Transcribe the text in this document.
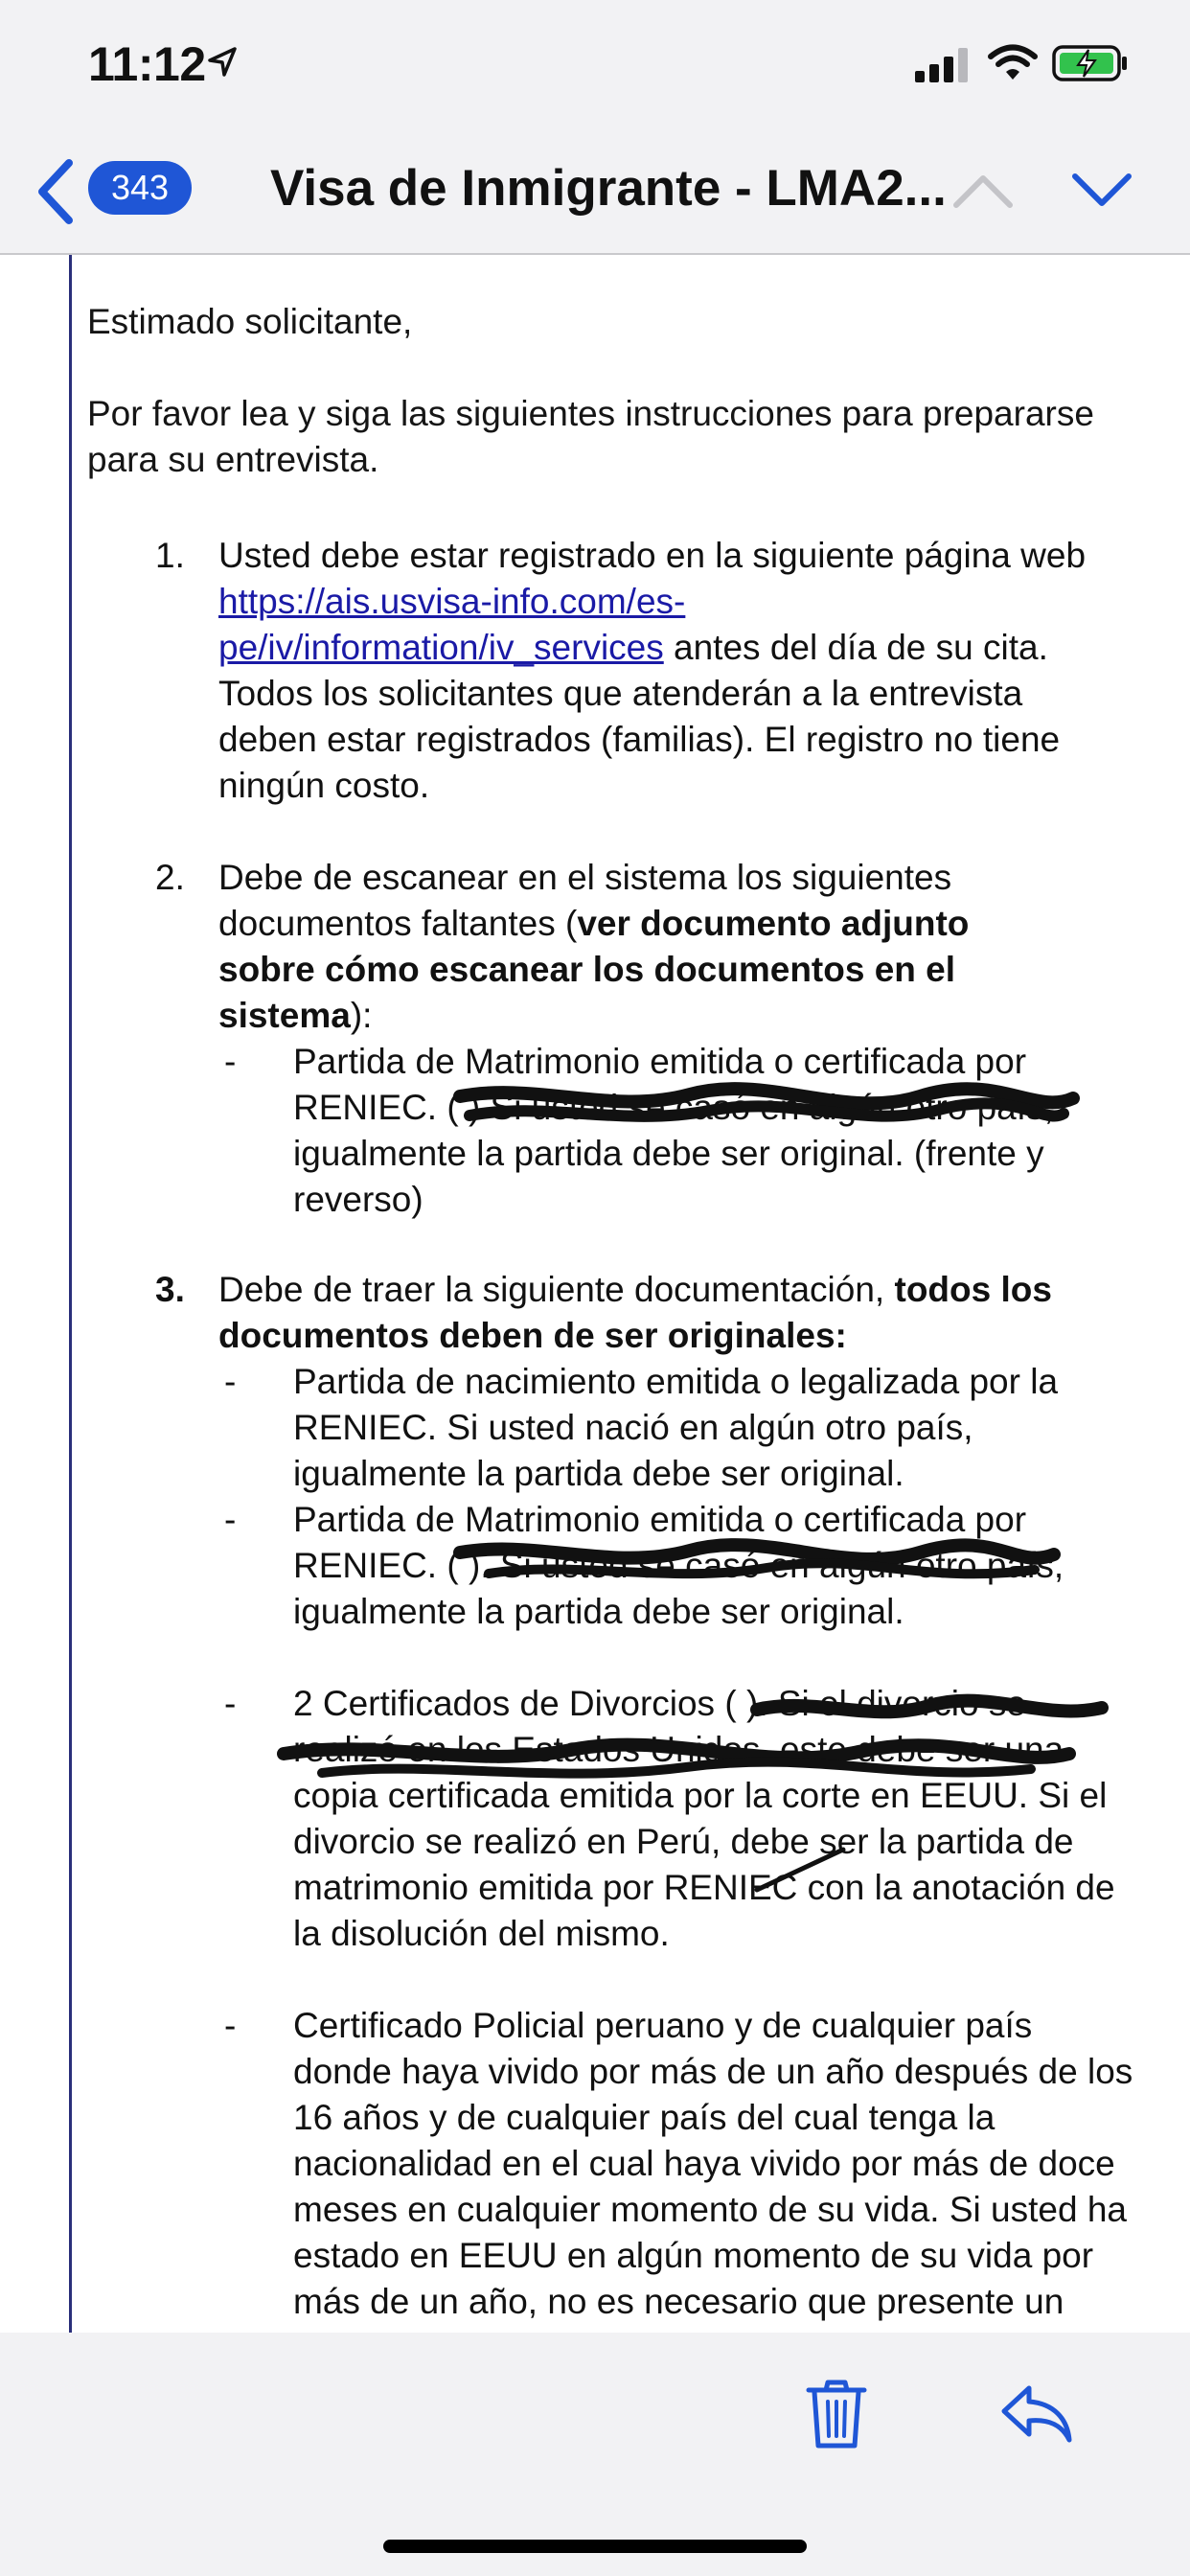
11:12
343	Visa de Inmigrante - LMA2...
Estimado solicitante,
Por favor lea y siga las siguientes instrucciones para prepararse para su entrevista.
1. Usted debe estar registrado en la siguiente página web https://ais.usvisa-info.com/es-pe/iv/information/iv_services antes del día de su cita.

Todos los solicitantes que atenderán a la entrevista deben estar registrados (familias). El registro no tiene ningún costo.

2. Debe de escanear en el sistema los siguientes documentos faltantes (ver documento adjunto sobre cómo escanear los documentos en el sistema):

- Partida de Matrimonio emitida o certificada por RENIEC. ( ) Si usted se casó en algún otro país, igualmente la partida debe ser original. (frente y reverso)
3. Debe de traer la siguiente documentación, todos los documentos deben de ser originales:

- Partida de nacimiento emitida o legalizada por la RENIEC. Si usted nació en algún otro país, igualmente la partida debe ser original.
- Partida de Matrimonio emitida o certificada por RENIEC. ( ). Si usted se casó en algún otro país, igualmente la partida debe ser original.
- 2 Certificados de Divorcios ( ). Si el divorcio se realizó en los Estados Unidos, este debe ser una copia certificada emitida por la corte en EEUU. Si el divorcio se realizó en Perú, debe ser la partida de matrimonio emitida por RENIEC con la anotación de la disolución del mismo.
- Certificado Policial peruano y de cualquier país donde haya vivido por más de un año después de los 16 años y de cualquier país del cual tenga la nacionalidad en el cual haya vivido por más de doce meses en cualquier momento de su vida. Si usted ha estado en EEUU en algún momento de su vida por más de un año, no es necesario que presente un
